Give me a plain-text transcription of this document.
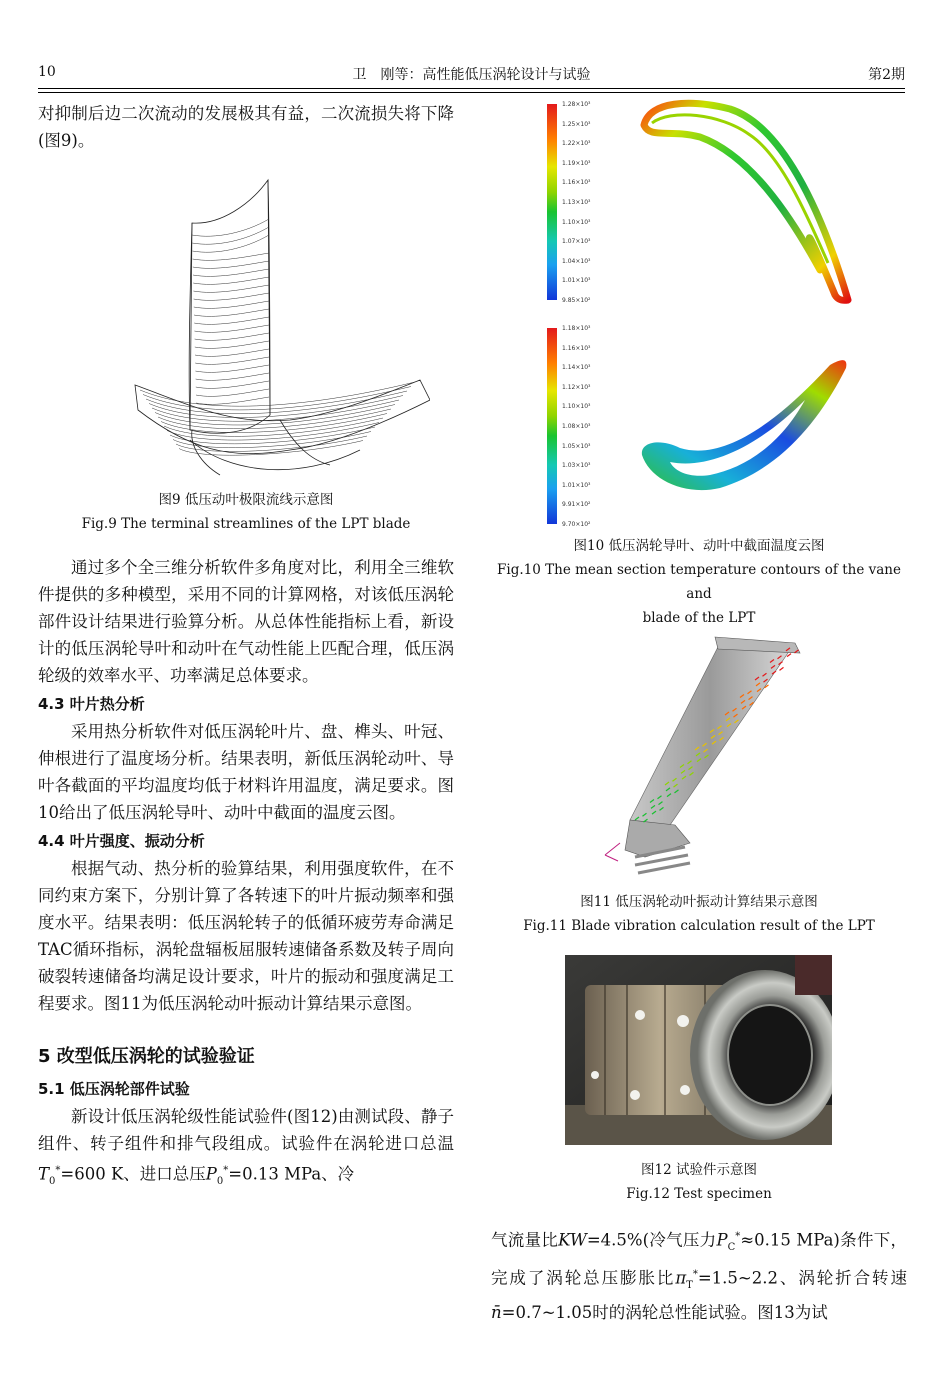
10	卫　刚等：高性能低压涡轮设计与试验	第2期

对抑制后边二次流动的发展极其有益，二次流损失将下降(图9)。

图9 低压动叶极限流线示意图
Fig.9 The terminal streamlines of the LPT blade

通过多个全三维分析软件多角度对比，利用全三维软件提供的多种模型，采用不同的计算网格，对该低压涡轮部件设计结果进行验算分析。从总体性能指标上看，新设计的低压涡轮导叶和动叶在气动性能上匹配合理，低压涡轮级的效率水平、功率满足总体要求。

4.3 叶片热分析

采用热分析软件对低压涡轮叶片、盘、榫头、叶冠、伸根进行了温度场分析。结果表明，新低压涡轮动叶、导叶各截面的平均温度均低于材料许用温度，满足要求。图10给出了低压涡轮导叶、动叶中截面的温度云图。

4.4 叶片强度、振动分析

根据气动、热分析的验算结果，利用强度软件，在不同约束方案下，分别计算了各转速下的叶片振动频率和强度水平。结果表明：低压涡轮转子的低循环疲劳寿命满足TAC循环指标，涡轮盘辐板屈服转速储备系数及转子周向破裂转速储备均满足设计要求，叶片的振动和强度满足工程要求。图11为低压涡轮动叶振动计算结果示意图。

5 改型低压涡轮的试验验证

5.1 低压涡轮部件试验

新设计低压涡轮级性能试验件(图12)由测试段、静子组件、转子组件和排气段组成。试验件在涡轮进口总温$T_0^*=600$ K、进口总压$P_0^*=0.13$ MPa、冷

1.28×10³
1.25×10³
1.22×10³
1.19×10³
1.16×10³
1.13×10³
1.10×10³
1.07×10³
1.04×10³
1.01×10³
9.85×10²
1.18×10³
1.16×10³
1.14×10³
1.12×10³
1.10×10³
1.08×10³
1.05×10³
1.03×10³
1.01×10³
9.91×10²
9.70×10²
图10 低压涡轮导叶、动叶中截面温度云图
Fig.10 The mean section temperature contours of the vane and
blade of the LPT
图11 低压涡轮动叶振动计算结果示意图
Fig.11 Blade vibration calculation result of the LPT
图12 试验件示意图
Fig.12 Test specimen

气流量比KW=4.5%(冷气压力$P_C^*\approx 0.15$ MPa)条件下，完成了涡轮总压膨胀比$\pi_T^*=1.5\sim 2.2$、涡轮折合转速n̄=0.7~1.05时的涡轮总性能试验。图13为试
